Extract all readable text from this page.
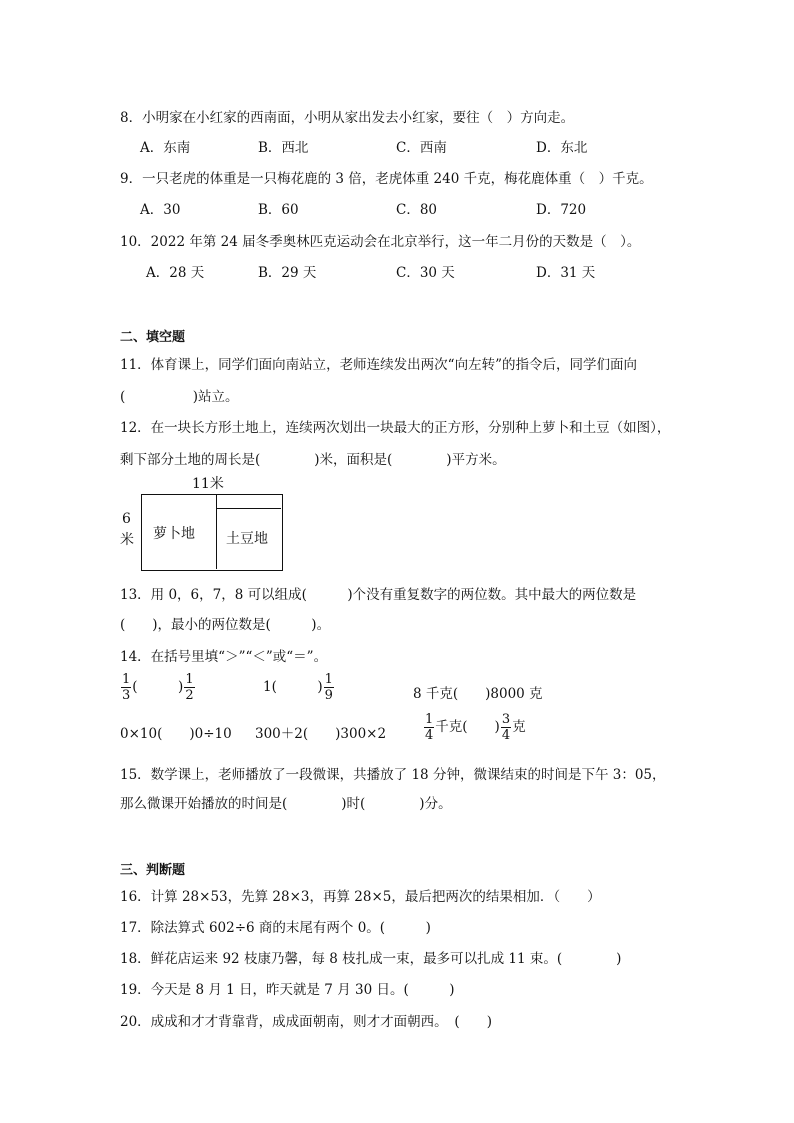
8．小明家在小红家的西南面，小明从家出发去小红家，要往（　）方向走。
A．东南	B．西北	C．西南	D．东北
9．一只老虎的体重是一只梅花鹿的 3 倍，老虎体重 240 千克，梅花鹿体重（　）千克。
A．30	B．60	C．80	D．720
10．2022 年第 24 届冬季奥林匹克运动会在北京举行，这一年二月份的天数是（　）。
A．28 天	B．29 天	C．30 天	D．31 天
二、填空题
11．体育课上，同学们面向南站立，老师连续发出两次“向左转”的指令后，同学们面向
(　　　　　)站立。
12．在一块长方形土地上，连续两次划出一块最大的正方形，分别种上萝卜和土豆（如图），
剩下部分土地的周长是(　　　　)米，面积是(　　　　)平方米。
11米
6
米 萝卜地 土豆地
13．用 0，6，7，8 可以组成(　　　)个没有重复数字的两位数。其中最大的两位数是
(　　)，最小的两位数是(　　　)。
14．在括号里填“＞”“＜”或“＝”。
$\frac{1}{3}$ (　　　) $\frac{1}{2}$	1(　　　) $\frac{1}{9}$	8 千克(　　)8000 克
0×10(　　)0÷10 300＋2(　　)300×2	$\frac{1}{4}$ 千克(　　) $\frac{3}{4}$ 克
15．数学课上，老师播放了一段微课，共播放了 18 分钟，微课结束的时间是下午 3：05，
那么微课开始播放的时间是(　　　　)时(　　　　)分。
三、判断题
16．计算 28×53，先算 28×3，再算 28×5，最后把两次的结果相加．（　　）
17．除法算式 602÷6 商的末尾有两个 0。(　　　)
18．鲜花店运来 92 枝康乃馨，每 8 枝扎成一束，最多可以扎成 11 束。(　　　　)
19．今天是 8 月 1 日，昨天就是 7 月 30 日。(　　　)
20．成成和才才背靠背，成成面朝南，则才才面朝西。　(　　)
